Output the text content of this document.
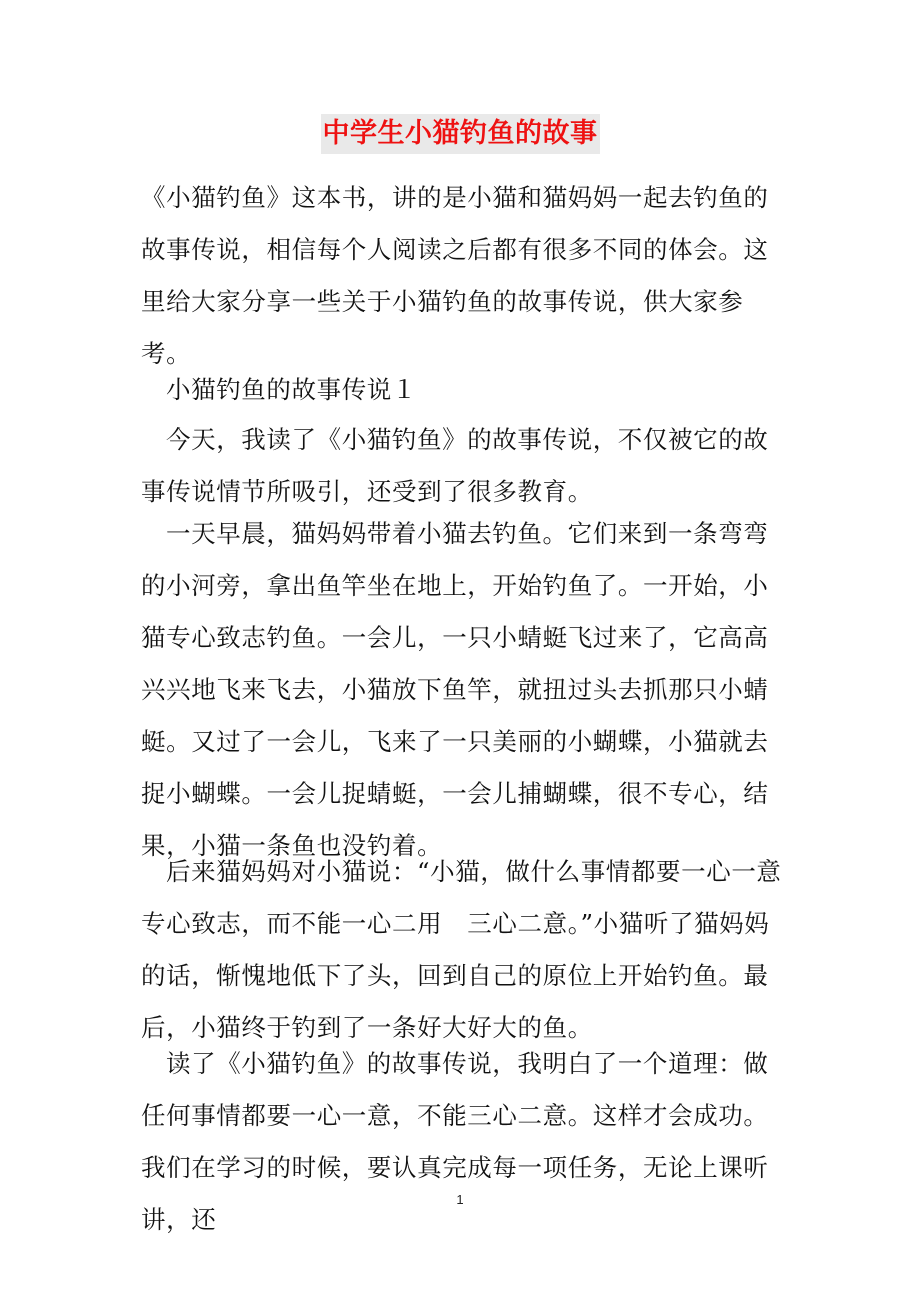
中学生小猫钓鱼的故事

《小猫钓鱼》这本书，讲的是小猫和猫妈妈一起去钓鱼的故事传说，相信每个人阅读之后都有很多不同的体会。这里给大家分享一些关于小猫钓鱼的故事传说，供大家参考。

小猫钓鱼的故事传说１

今天，我读了《小猫钓鱼》的故事传说，不仅被它的故事传说情节所吸引，还受到了很多教育。

一天早晨，猫妈妈带着小猫去钓鱼。它们来到一条弯弯的小河旁，拿出鱼竿坐在地上，开始钓鱼了。一开始，小猫专心致志钓鱼。一会儿，一只小蜻蜓飞过来了，它高高兴兴地飞来飞去，小猫放下鱼竿，就扭过头去抓那只小蜻蜓。又过了一会儿，飞来了一只美丽的小蝴蝶，小猫就去捉小蝴蝶。一会儿捉蜻蜓，一会儿捕蝴蝶，很不专心，结果，小猫一条鱼也没钓着。

后来猫妈妈对小猫说：“小猫，做什么事情都要一心一意专心致志，而不能一心二用　三心二意。”小猫听了猫妈妈的话，惭愧地低下了头，回到自己的原位上开始钓鱼。最后，小猫终于钓到了一条好大好大的鱼。

读了《小猫钓鱼》的故事传说，我明白了一个道理：做任何事情都要一心一意，不能三心二意。这样才会成功。我们在学习的时候，要认真完成每一项任务，无论上课听讲，还

1
